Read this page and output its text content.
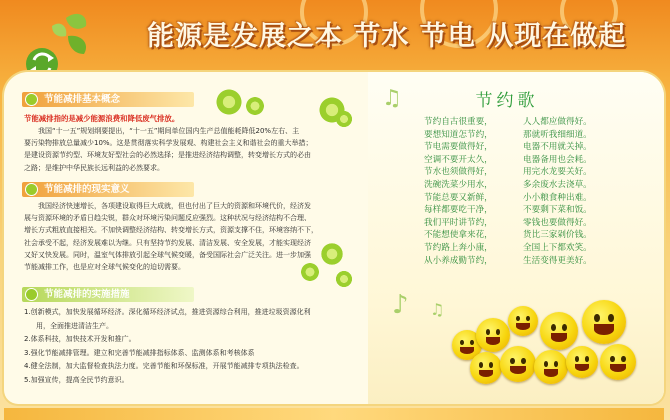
能源是发展之本 节水 节电 从现在做起
节能减排基本概念
节能减排指的是减少能源浪费和降低废气排放。

我国“十一五”规划纲要提出，“十一五”期间单位国内生产总值能耗降低20%左右、主

要污染物排放总量减少10%。这是贯彻落实科学发展观、构建社会主义和谐社会的重大举措；

是建设资源节约型、环境友好型社会的必然选择；是推进经济结构调整，转变增长方式的必由

之路；是维护中华民族长远利益的必然要求。

节能减排的现实意义

我国经济快速增长，各项建设取得巨大成就，但也付出了巨大的资源和环境代价，经济发

展与资源环境的矛盾日趋尖锐，群众对环境污染问题反应强烈。这种状况与经济结构不合理、

增长方式粗放直接相关。不加快调整经济结构、转变增长方式，资源支撑不住，环境容纳不下，

社会承受不起，经济发展难以为继。只有坚持节约发展、清洁发展、安全发展，才能实现经济

又好又快发展。同时，温室气体排放引起全球气候变暖，备受国际社会广泛关注。进一步加强

节能减排工作，也是应对全球气候变化的迫切需要。

节能减排的实施措施

1.创新模式，加快发展循环经济。深化循环经济试点，推进资源综合利用，推进垃圾资源化利

用，全面推进清洁生产。

2.体系科技，加快技术开发和推广。

3.强化节能减排管理。建立和完善节能减排指标体系、监测体系和考核体系

4.健全法制，加大监督检查执法力度。完善节能和环保标准，开展节能减排专项执法检查。

5.加强宣传，提高全民节约意识。

♫
♪ ♫
节约歌
节约自古很重要，
要想知道怎节约，
节电需要做得好，
空调不要开太久，
节水也须做得好，
洗碗洗菜少用水，
节能总要又新鲜，
每样都要吃干净，
我们平时讲节约，
不能想使拿来花，
节约路上奔小康，
从小养成勤节约，
人人都应做得好。
那就听我细细道。
电器不用就关掉。
电器备用也会耗。
用完水龙要关好。
多余废水去浇草。
小小粮食种出难。
不要剩下菜和饭。
零钱也要做得好。
货比三家剁价钱。
全国上下都欢笑。
生活变得更美好。
